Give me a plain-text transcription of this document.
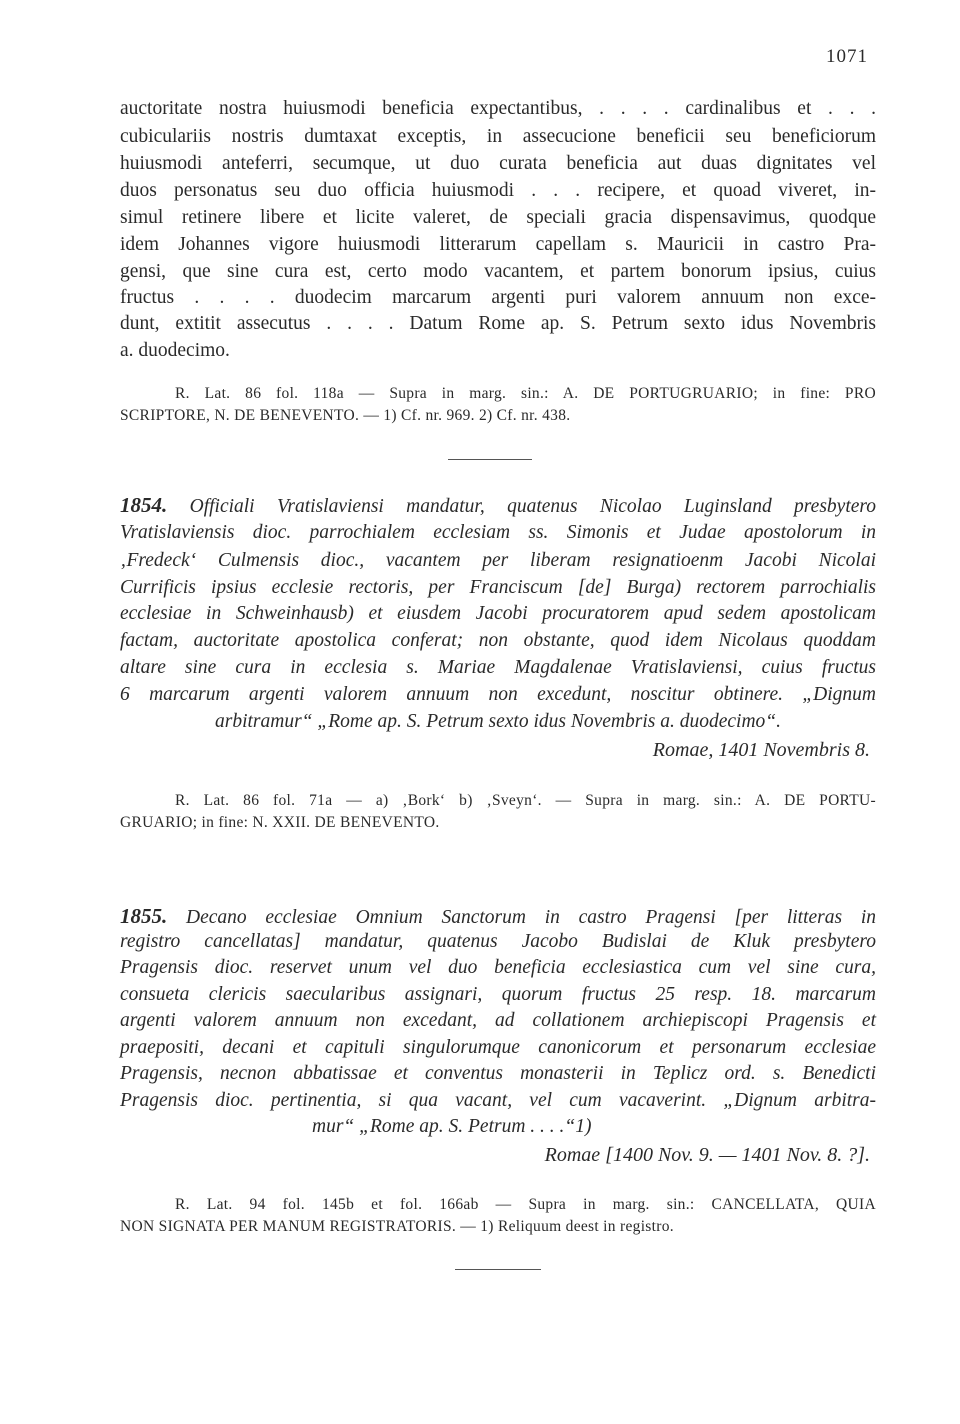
1071
auctoritate nostra huiusmodi beneficia expectantibus, . . . . cardinalibus et . . .
cubiculariis nostris dumtaxat exceptis, in assecucione beneficii seu beneficiorum
huiusmodi anteferri, secumque, ut duo curata beneficia aut duas dignitates vel
duos personatus seu duo officia huiusmodi . . . recipere, et quoad viveret, in-
simul retinere libere et licite valeret, de speciali gracia dispensavimus, quodque
idem Johannes vigore huiusmodi litterarum capellam s. Mauricii in castro Pra-
gensi, que sine cura est, certo modo vacantem, et partem bonorum ipsius, cuius
fructus . . . . duodecim marcarum argenti puri valorem annuum non exce-
dunt, extitit assecutus . . . . Datum Rome ap. S. Petrum sexto idus Novembris
a. duodecimo.
R. Lat. 86 fol. 118a — Supra in marg. sin.: A. DE PORTUGRUARIO; in fine: PRO
SCRIPTORE, N. DE BENEVENTO. — 1) Cf. nr. 969. 2) Cf. nr. 438.
1854. Officiali Vratislaviensi mandatur, quatenus Nicolao Luginsland presbytero
Vratislaviensis dioc. parrochialem ecclesiam ss. Simonis et Judae apostolorum in
‚Fredeck‘ Culmensis dioc., vacantem per liberam resignatioenm Jacobi Nicolai
Currificis ipsius ecclesie rectoris, per Franciscum [de] Burga) rectorem parrochialis
ecclesiae in Schweinhausb) et eiusdem Jacobi procuratorem apud sedem apostolicam
factam, auctoritate apostolica conferat; non obstante, quod idem Nicolaus quoddam
altare sine cura in ecclesia s. Mariae Magdalenae Vratislaviensi, cuius fructus
6 marcarum argenti valorem annuum non excedunt, noscitur obtinere. „Dignum
arbitramur“ „Rome ap. S. Petrum sexto idus Novembris a. duodecimo“.
Romae, 1401 Novembris 8.
R. Lat. 86 fol. 71a — a) ‚Bork‘ b) ‚Sveyn‘. — Supra in marg. sin.: A. DE PORTU-
GRUARIO; in fine: N. XXII. DE BENEVENTO.
1855. Decano ecclesiae Omnium Sanctorum in castro Pragensi [per litteras in
registro cancellatas] mandatur, quatenus Jacobo Budislai de Kluk presbytero
Pragensis dioc. reservet unum vel duo beneficia ecclesiastica cum vel sine cura,
consueta clericis saecularibus assignari, quorum fructus 25 resp. 18. marcarum
argenti valorem annuum non excedant, ad collationem archiepiscopi Pragensis et
praepositi, decani et capituli singulorumque canonicorum et personarum ecclesiae
Pragensis, necnon abbatissae et conventus monasterii in Teplicz ord. s. Benedicti
Pragensis dioc. pertinentia, si qua vacant, vel cum vacaverint. „Dignum arbitra-
mur“ „Rome ap. S. Petrum . . . .“1)
Romae [1400 Nov. 9. — 1401 Nov. 8. ?].
R. Lat. 94 fol. 145b et fol. 166ab — Supra in marg. sin.: CANCELLATA, QUIA
NON SIGNATA PER MANUM REGISTRATORIS. — 1) Reliquum deest in registro.
